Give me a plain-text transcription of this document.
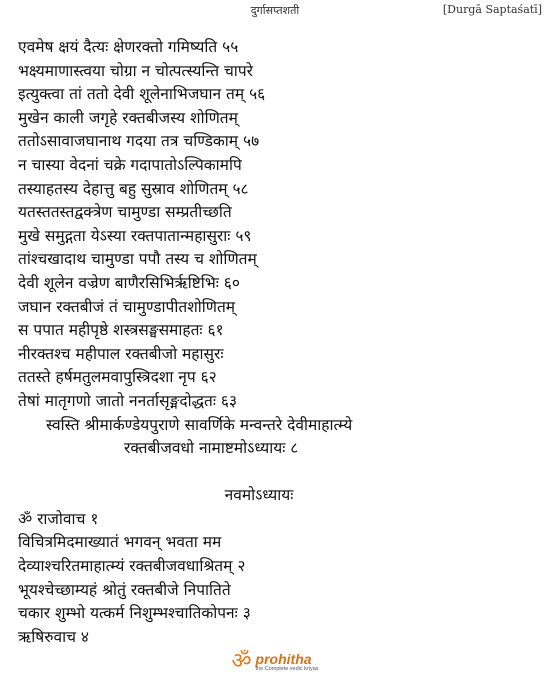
दुर्गासप्तशती	[Durgā Saptaśatī]
एवमेष क्षयं दैत्यः क्षेणरक्तो गमिष्यति ५५
भक्ष्यमाणास्त्वया चोग्रा न चोत्पत्स्यन्ति चापरे
इत्युक्त्वा तां ततो देवी शूलेनाभिजघान तम् ५६
मुखेन काली जगृहे रक्तबीजस्य शोणितम्
ततोऽसावाजघानाथ गदया तत्र चण्डिकाम् ५७
न चास्या वेदनां चक्रे गदापातोऽल्पिकामपि
तस्याहतस्य देहात्तु बहु सुस्राव शोणितम् ५८
यतस्ततस्तद्वक्त्रेण चामुण्डा सम्प्रतीच्छति
मुखे समुद्गता येऽस्या रक्तपातान्महासुराः ५९
तांश्चखादाथ चामुण्डा पपौ तस्य च शोणितम्
देवी शूलेन वज्रेण बाणैरसिभिर्ऋष्टिभिः ६०
जघान रक्तबीजं तं चामुण्डापीतशोणितम्
स पपात महीपृष्ठे शस्त्रसङ्घसमाहतः ६१
नीरक्तश्च महीपाल रक्तबीजो महासुरः
ततस्ते हर्षमतुलमवापुस्त्रिदशा नृप ६२
तेषां मातृगणो जातो ननर्तासृङ्मदोद्धतः ६३
स्वस्ति श्रीमार्कण्डेयपुराणे सावर्णिके मन्वन्तरे देवीमाहात्म्ये
रक्तबीजवधो नामाष्टमोऽध्यायः ८
नवमोऽध्यायः
ॐ राजोवाच १
विचित्रमिदमाख्यातं भगवन् भवता मम
देव्याश्चरितमाहात्म्यं रक्तबीजवधाश्रितम् २
भूयश्चेच्छाम्यहं श्रोतुं रक्तबीजे निपातिते
चकार शुम्भो यत्कर्म निशुम्भश्चातिकोपनः ३
ऋषिरुवाच ४
ॐ prohitha
the Complete vedic kriyas
